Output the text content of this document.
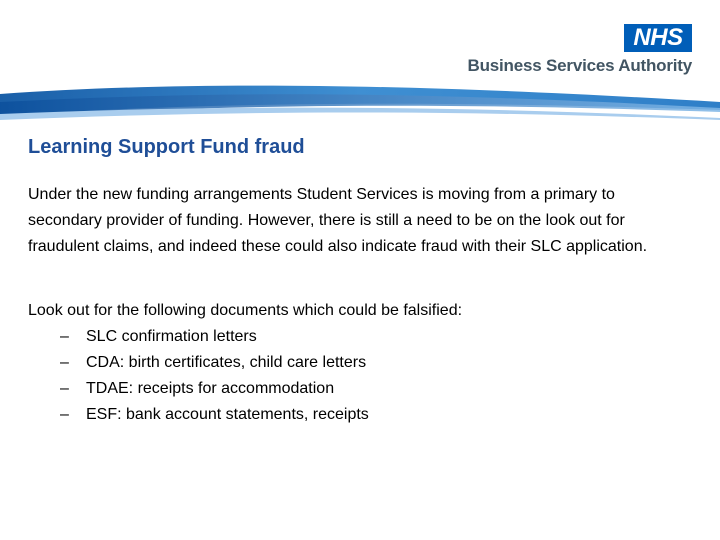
NHS
Business Services Authority
Learning Support Fund fraud

Under the new funding arrangements Student Services is moving from a primary to secondary provider of funding. However, there is still a need to be on the look out for fraudulent claims, and indeed these could also indicate fraud with their SLC application.

Look out for the following documents which could be falsified:

– SLC confirmation letters
– CDA: birth certificates, child care letters
– TDAE: receipts for accommodation
– ESF: bank account statements, receipts
